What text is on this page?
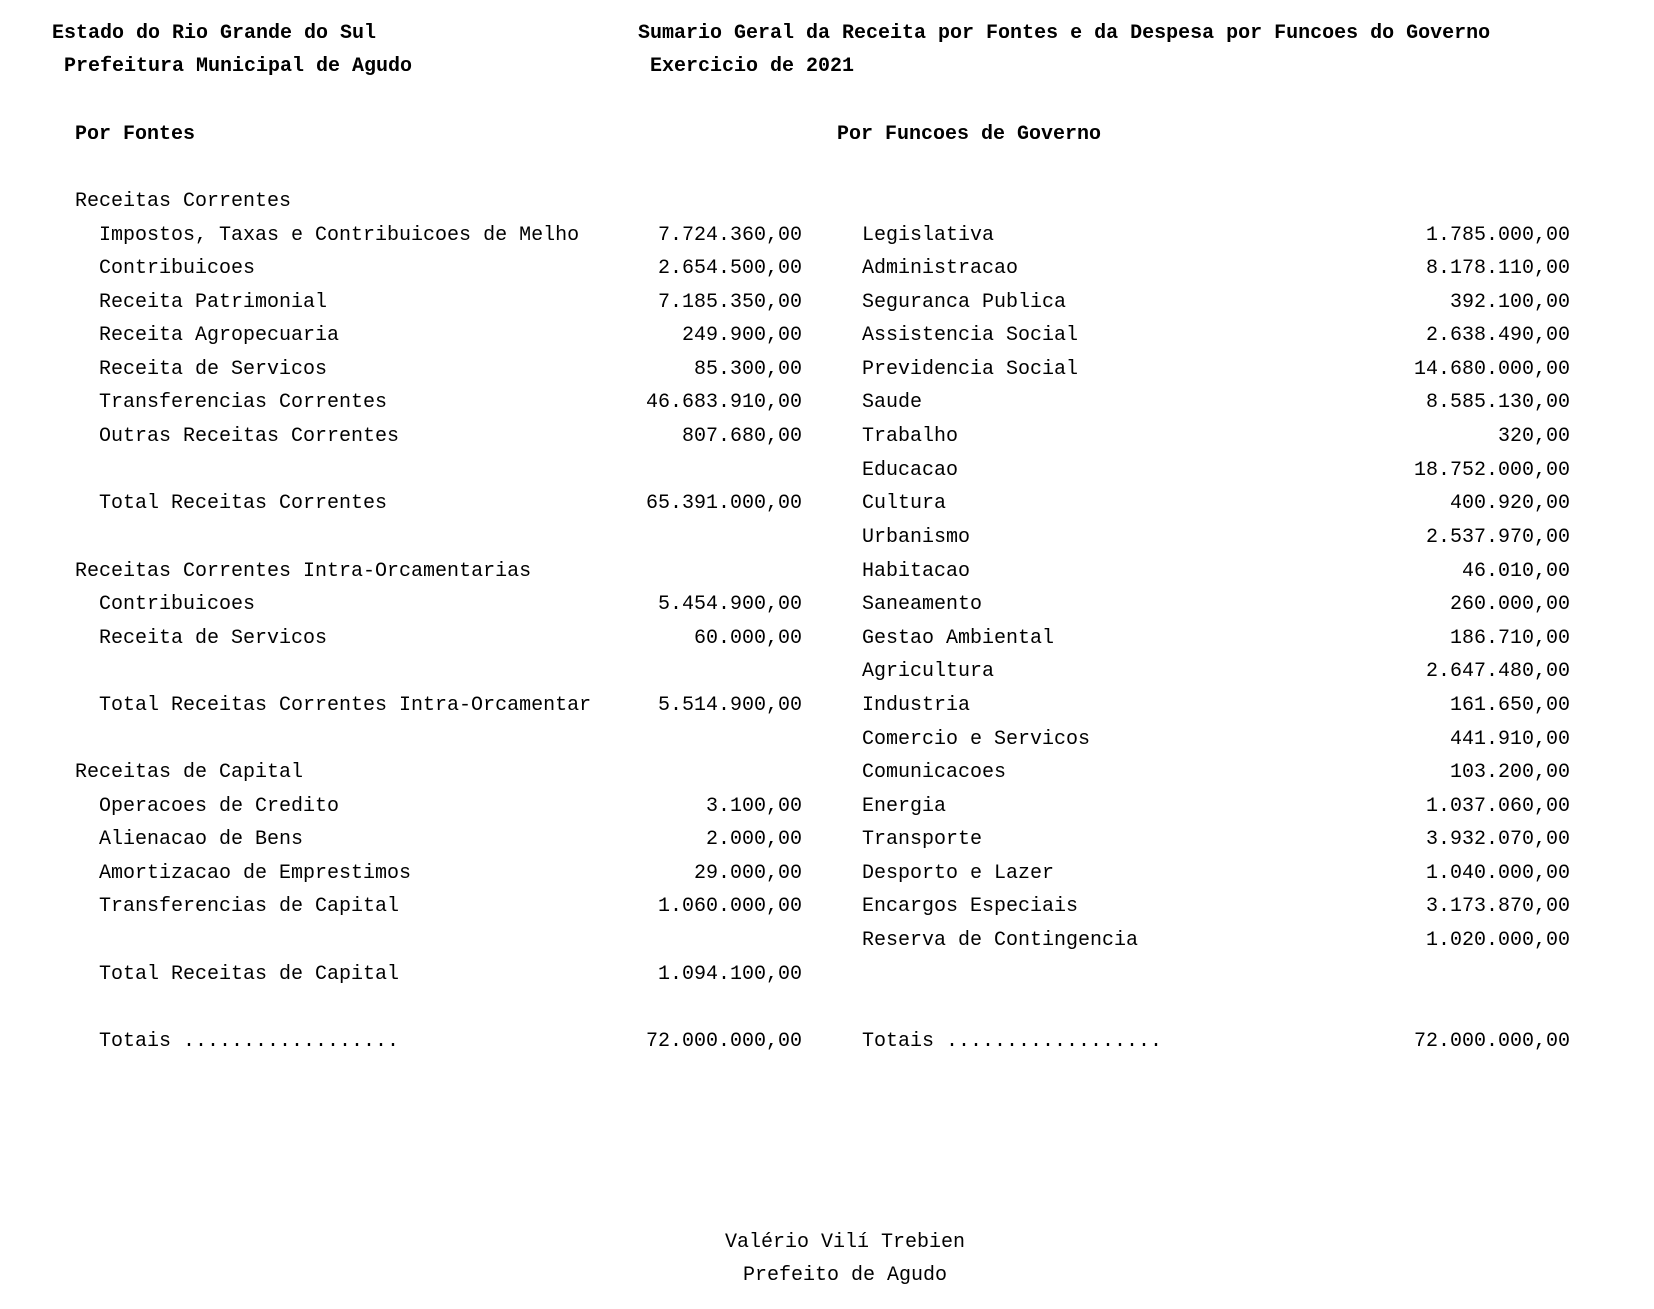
Estado do Rio Grande do Sul
Prefeitura Municipal de Agudo
Sumario Geral da Receita por Fontes e da Despesa por Funcoes do Governo
Exercicio de 2021
Por Fontes	Por Funcoes de Governo
Receitas Correntes
Impostos, Taxas e Contribuicoes de Melho	7.724.360,00
Contribuicoes	2.654.500,00
Receita Patrimonial	7.185.350,00
Receita Agropecuaria	249.900,00
Receita de Servicos	85.300,00
Transferencias Correntes	46.683.910,00
Outras Receitas Correntes	807.680,00
Total Receitas Correntes	65.391.000,00
Receitas Correntes Intra-Orcamentarias
Contribuicoes	5.454.900,00
Receita de Servicos	60.000,00
Total Receitas Correntes Intra-Orcamentar	5.514.900,00
Receitas de Capital
Operacoes de Credito	3.100,00
Alienacao de Bens	2.000,00
Amortizacao de Emprestimos	29.000,00
Transferencias de Capital	1.060.000,00
Total Receitas de Capital	1.094.100,00
Totais ..................	72.000.000,00
Legislativa	1.785.000,00
Administracao	8.178.110,00
Seguranca Publica	392.100,00
Assistencia Social	2.638.490,00
Previdencia Social	14.680.000,00
Saude	8.585.130,00
Trabalho	320,00
Educacao	18.752.000,00
Cultura	400.920,00
Urbanismo	2.537.970,00
Habitacao	46.010,00
Saneamento	260.000,00
Gestao Ambiental	186.710,00
Agricultura	2.647.480,00
Industria	161.650,00
Comercio e Servicos	441.910,00
Comunicacoes	103.200,00
Energia	1.037.060,00
Transporte	3.932.070,00
Desporto e Lazer	1.040.000,00
Encargos Especiais	3.173.870,00
Reserva de Contingencia	1.020.000,00
Totais ..................	72.000.000,00
Valério Vilí Trebien
Prefeito de Agudo
